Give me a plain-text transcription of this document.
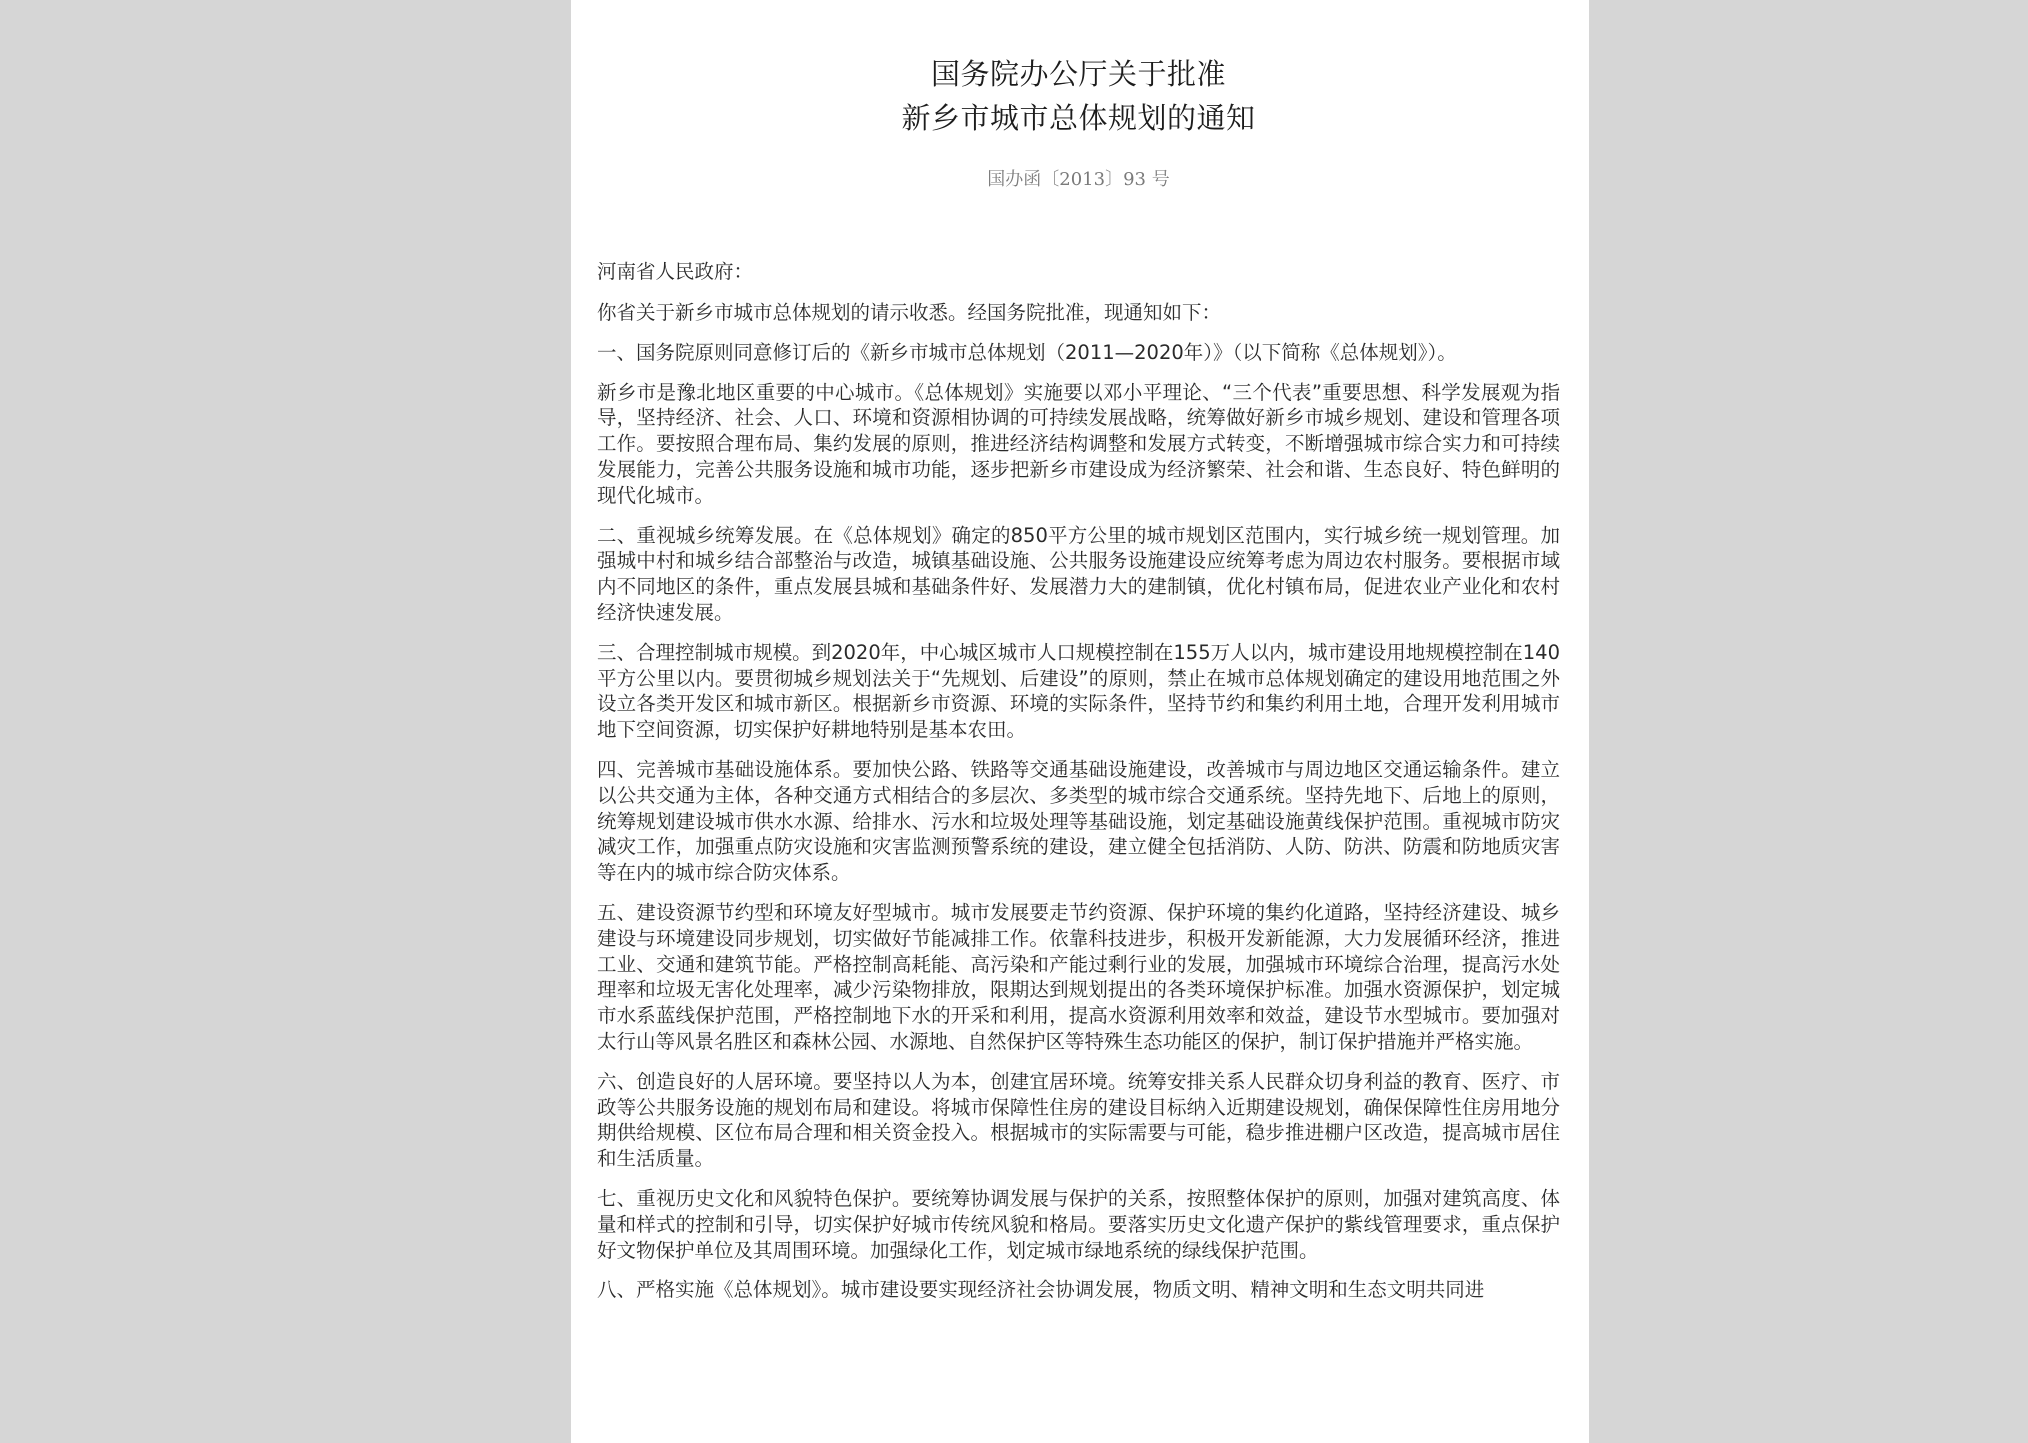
国务院办公厅关于批准
新乡市城市总体规划的通知
国办函〔2013〕93 号

河南省人民政府：

你省关于新乡市城市总体规划的请示收悉。经国务院批准，现通知如下：

一、国务院原则同意修订后的《新乡市城市总体规划（2011—2020年）》（以下简称《总体规划》）。

新乡市是豫北地区重要的中心城市。《总体规划》实施要以邓小平理论、“三个代表”重要思想、科学发展观为指导，坚持经济、社会、人口、环境和资源相协调的可持续发展战略，统筹做好新乡市城乡规划、建设和管理各项工作。要按照合理布局、集约发展的原则，推进经济结构调整和发展方式转变，不断增强城市综合实力和可持续发展能力，完善公共服务设施和城市功能，逐步把新乡市建设成为经济繁荣、社会和谐、生态良好、特色鲜明的现代化城市。

二、重视城乡统筹发展。在《总体规划》确定的850平方公里的城市规划区范围内，实行城乡统一规划管理。加强城中村和城乡结合部整治与改造，城镇基础设施、公共服务设施建设应统筹考虑为周边农村服务。要根据市域内不同地区的条件，重点发展县城和基础条件好、发展潜力大的建制镇，优化村镇布局，促进农业产业化和农村经济快速发展。

三、合理控制城市规模。到2020年，中心城区城市人口规模控制在155万人以内，城市建设用地规模控制在140平方公里以内。要贯彻城乡规划法关于“先规划、后建设”的原则，禁止在城市总体规划确定的建设用地范围之外设立各类开发区和城市新区。根据新乡市资源、环境的实际条件，坚持节约和集约利用土地，合理开发利用城市地下空间资源，切实保护好耕地特别是基本农田。

四、完善城市基础设施体系。要加快公路、铁路等交通基础设施建设，改善城市与周边地区交通运输条件。建立以公共交通为主体，各种交通方式相结合的多层次、多类型的城市综合交通系统。坚持先地下、后地上的原则，统筹规划建设城市供水水源、给排水、污水和垃圾处理等基础设施，划定基础设施黄线保护范围。重视城市防灾减灾工作，加强重点防灾设施和灾害监测预警系统的建设，建立健全包括消防、人防、防洪、防震和防地质灾害等在内的城市综合防灾体系。

五、建设资源节约型和环境友好型城市。城市发展要走节约资源、保护环境的集约化道路，坚持经济建设、城乡建设与环境建设同步规划，切实做好节能减排工作。依靠科技进步，积极开发新能源，大力发展循环经济，推进工业、交通和建筑节能。严格控制高耗能、高污染和产能过剩行业的发展，加强城市环境综合治理，提高污水处理率和垃圾无害化处理率，减少污染物排放，限期达到规划提出的各类环境保护标准。加强水资源保护，划定城市水系蓝线保护范围，严格控制地下水的开采和利用，提高水资源利用效率和效益，建设节水型城市。要加强对太行山等风景名胜区和森林公园、水源地、自然保护区等特殊生态功能区的保护，制订保护措施并严格实施。

六、创造良好的人居环境。要坚持以人为本，创建宜居环境。统筹安排关系人民群众切身利益的教育、医疗、市政等公共服务设施的规划布局和建设。将城市保障性住房的建设目标纳入近期建设规划，确保保障性住房用地分期供给规模、区位布局合理和相关资金投入。根据城市的实际需要与可能，稳步推进棚户区改造，提高城市居住和生活质量。

七、重视历史文化和风貌特色保护。要统筹协调发展与保护的关系，按照整体保护的原则，加强对建筑高度、体量和样式的控制和引导，切实保护好城市传统风貌和格局。要落实历史文化遗产保护的紫线管理要求，重点保护好文物保护单位及其周围环境。加强绿化工作，划定城市绿地系统的绿线保护范围。

八、严格实施《总体规划》。城市建设要实现经济社会协调发展，物质文明、精神文明和生态文明共同进
